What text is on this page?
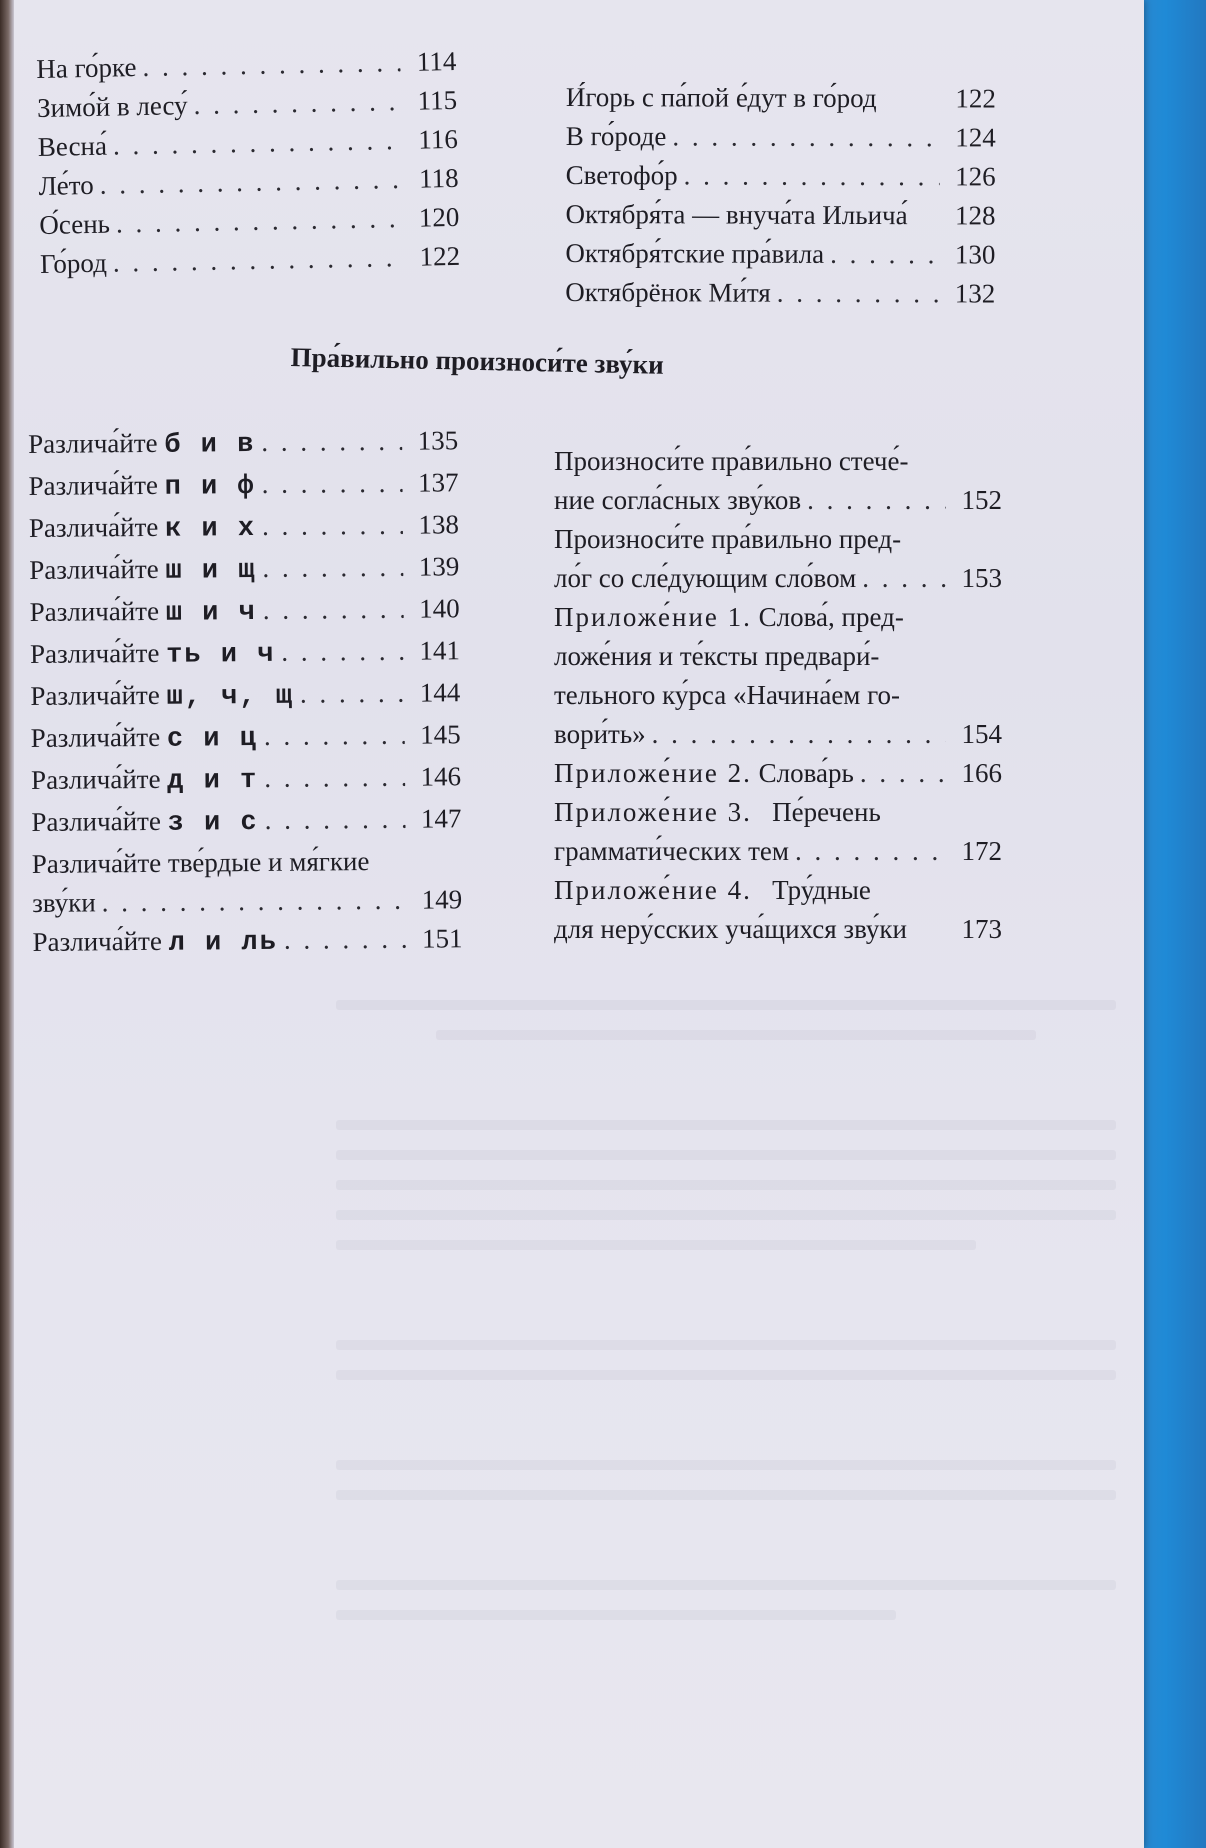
На го́рке . . .	114
Зимо́й в лесу́ . . .	115
Весна́ . . .	116
Ле́то . . .	118
О́сень . . .	120
Го́род . . .	122
И́горь с па́пой е́дут в го́род	122
В го́роде . . .	124
Светофо́р . . .	126
Октября́та — внуча́та Ильича́	128
Октября́тские пра́вила . . .	130
Октябрёнок Ми́тя . . .	132
Пра́вильно произноси́те зву́ки
Различа́йте б и в . . .	135
Различа́йте п и ф . . .	137
Различа́йте к и х . . .	138
Различа́йте ш и щ . . .	139
Различа́йте ш и ч . . .	140
Различа́йте ть и ч . . .	141
Различа́йте ш, ч, щ . . .	144
Различа́йте с и ц . . .	145
Различа́йте д и т . . .	146
Различа́йте з и с . . .	147
Различа́йте тве́рдые и мя́гкие
зву́ки . . .	149
Различа́йте л и ль . . .	151
Произноси́те пра́вильно стече́-
ние согла́сных зву́ков . . .	152
Произноси́те пра́вильно пред-
ло́г со сле́дующим сло́вом . . .	153
Приложе́ние 1. Слова́, пред-
ложе́ния и те́ксты предвари́-
тельного ку́рса «Начина́ем го-
вори́ть» . . .	154
Приложе́ние 2. Слова́рь . . .	166
Приложе́ние 3. Пе́речень
граммати́ческих тем . . .	172
Приложе́ние 4. Тру́дные
для неру́сских уча́щихся зву́ки	173
